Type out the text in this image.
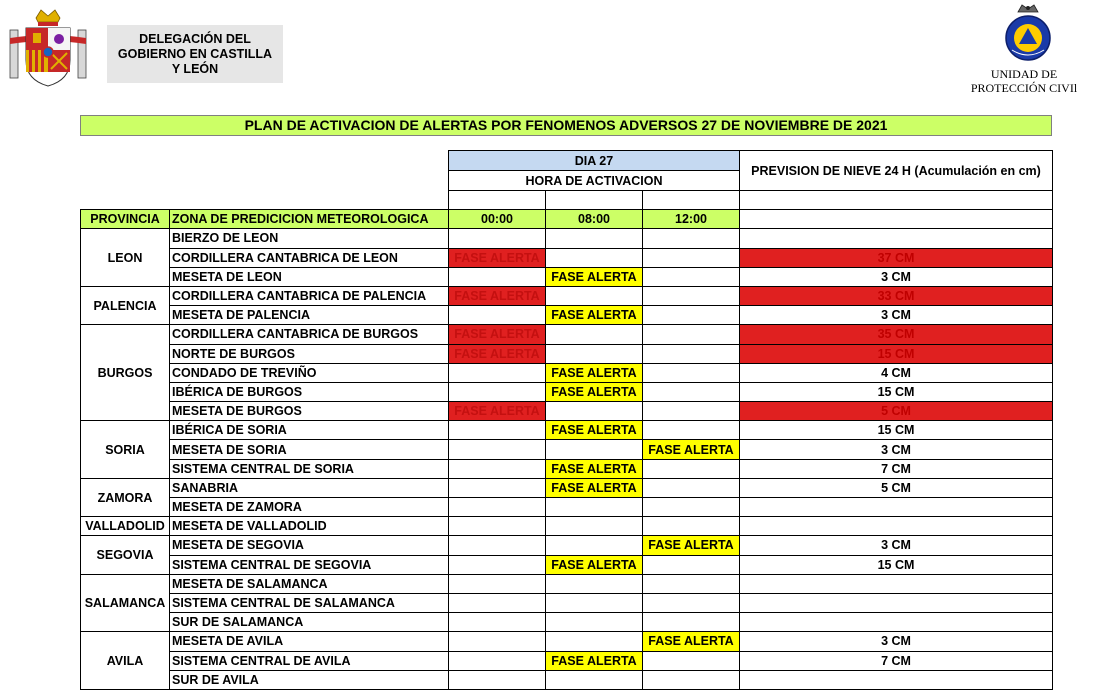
DELEGACIÓN DEL
GOBIERNO EN CASTILLA
Y LEÓN	UNIDAD DE
PROTECCIÓN CIVIl
PLAN DE ACTIVACION DE ALERTAS POR FENOMENOS ADVERSOS 27 DE NOVIEMBRE DE 2021
		DIA 27			PREVISION DE NIEVE 24 H (Acumulación en cm)
		HORA DE ACTIVACION			

PROVINCIA	ZONA DE PREDICICION METEOROLOGICA	00:00	08:00	12:00	
LEON	BIERZO DE LEON				
	CORDILLERA CANTABRICA DE LEON	FASE ALERTA			37 CM
	MESETA DE LEON		FASE ALERTA		3 CM
PALENCIA	CORDILLERA CANTABRICA DE PALENCIA	FASE ALERTA			33 CM
	MESETA DE PALENCIA		FASE ALERTA		3 CM
BURGOS	CORDILLERA CANTABRICA DE BURGOS	FASE ALERTA			35 CM
	NORTE DE BURGOS	FASE ALERTA			15 CM
	CONDADO DE TREVIÑO		FASE ALERTA		4 CM
	IBÉRICA DE BURGOS		FASE ALERTA		15 CM
	MESETA DE BURGOS	FASE ALERTA			5 CM
SORIA	IBÉRICA DE SORIA		FASE ALERTA		15 CM
	MESETA DE SORIA			FASE ALERTA	3 CM
	SISTEMA CENTRAL DE SORIA		FASE ALERTA		7 CM
ZAMORA	SANABRIA		FASE ALERTA		5 CM
	MESETA DE ZAMORA				
VALLADOLID	MESETA DE VALLADOLID				
SEGOVIA	MESETA DE SEGOVIA			FASE ALERTA	3 CM
	SISTEMA CENTRAL DE SEGOVIA		FASE ALERTA		15 CM
SALAMANCA	MESETA DE SALAMANCA				
	SISTEMA CENTRAL DE SALAMANCA				
	SUR DE SALAMANCA				
AVILA	MESETA DE AVILA			FASE ALERTA	3 CM
	SISTEMA CENTRAL DE AVILA		FASE ALERTA		7 CM
	SUR DE AVILA				
